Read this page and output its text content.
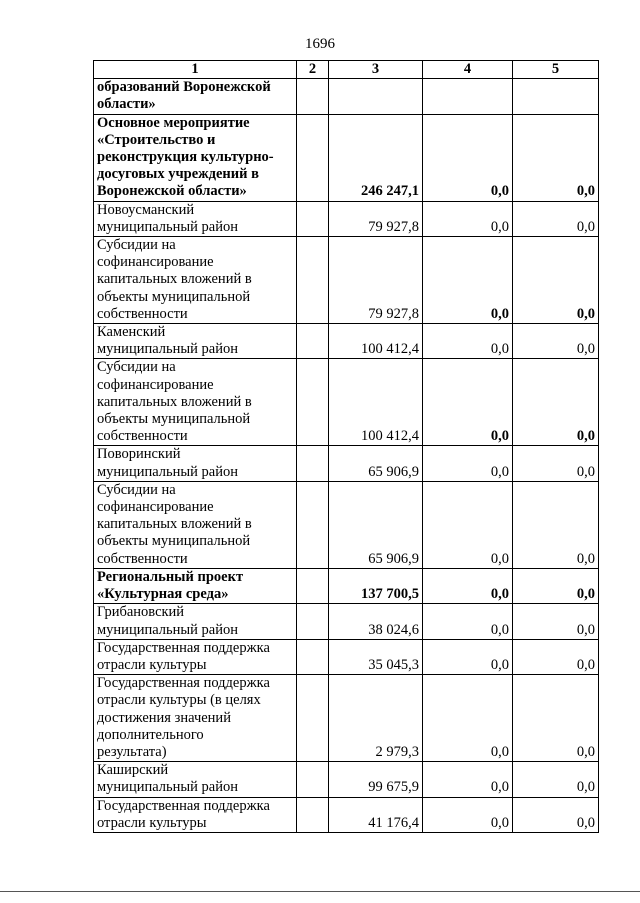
1696
1	2	3	4	5
образований Воронежской
области»				
Основное мероприятие
«Строительство и
реконструкция культурно-
досуговых учреждений в
Воронежской области»		246 247,1	0,0	0,0
Новоусманский
муниципальный район		79 927,8	0,0	0,0
Субсидии на
софинансирование
капитальных вложений в
объекты муниципальной
собственности		79 927,8	0,0	0,0
Каменский
муниципальный район		100 412,4	0,0	0,0
Субсидии на
софинансирование
капитальных вложений в
объекты муниципальной
собственности		100 412,4	0,0	0,0
Поворинский
муниципальный район		65 906,9	0,0	0,0
Субсидии на
софинансирование
капитальных вложений в
объекты муниципальной
собственности		65 906,9	0,0	0,0
Региональный проект
«Культурная среда»		137 700,5	0,0	0,0
Грибановский
муниципальный район		38 024,6	0,0	0,0
Государственная поддержка
отрасли культуры		35 045,3	0,0	0,0
Государственная поддержка
отрасли культуры (в целях
достижения значений
дополнительного
результата)		2 979,3	0,0	0,0
Каширский
муниципальный район		99 675,9	0,0	0,0
Государственная поддержка
отрасли культуры		41 176,4	0,0	0,0
